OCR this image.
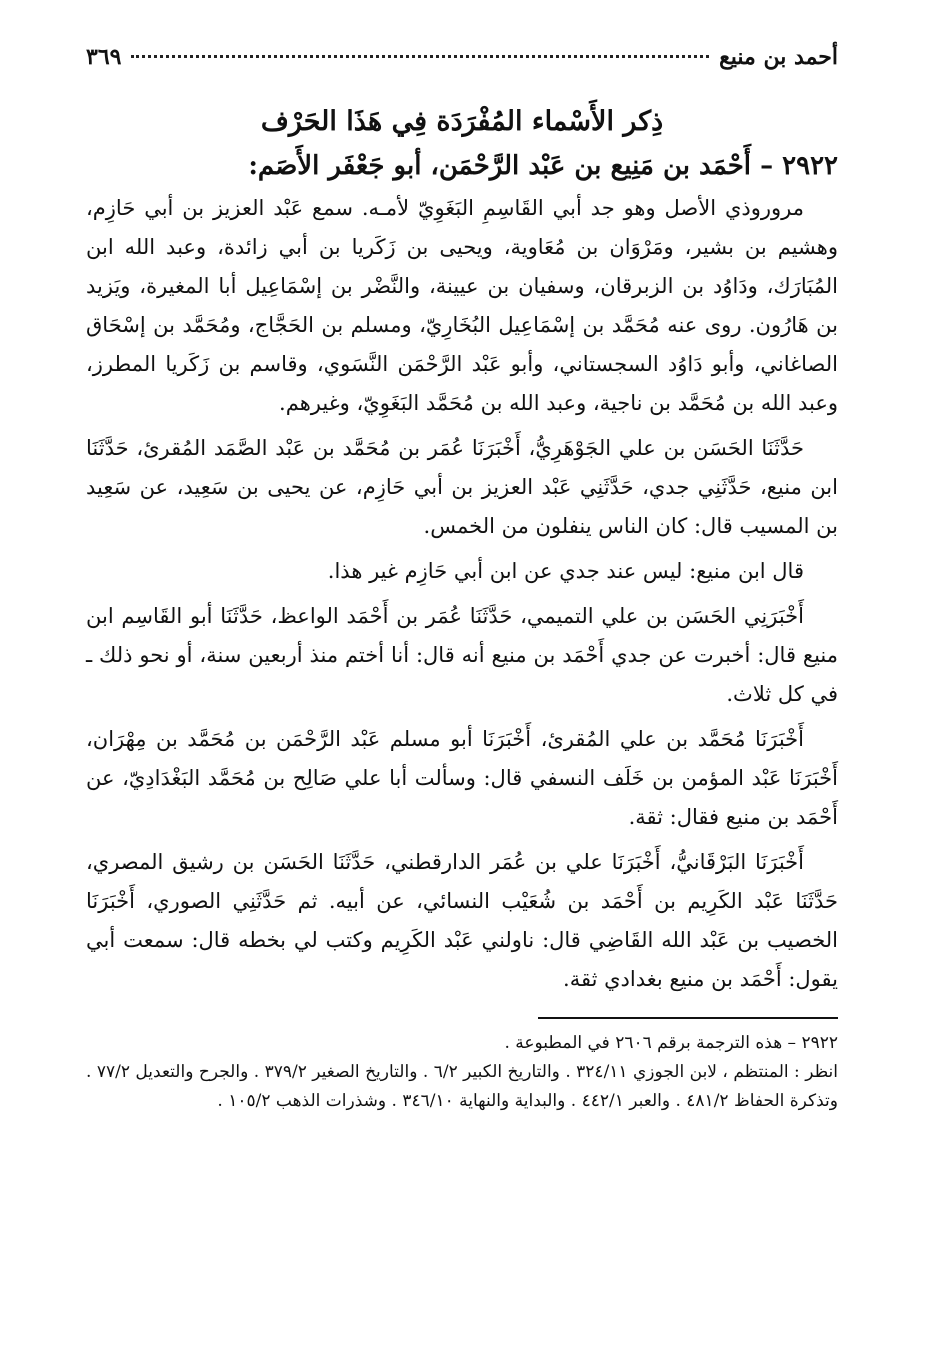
أحمد بن منيع
٣٦٩
ذِكر الأَسْماء المُفْرَدَة فِي هَذَا الحَرْف
٢٩٢٢ – أَحْمَد بن مَنِيع بن عَبْد الرَّحْمَن، أبو جَعْفَر الأَصَم:

مروروذي الأصل وهو جد أبي القَاسِمِ البَغَوِيّ لأمـه. سمع عَبْد العزيز بن أبي حَازِم، وهشيم بن بشير، ومَرْوَان بن مُعَاوية، ويحيى بن زَكَريا بن أبي زائدة، وعبد الله ابن المُبَارَك، ودَاوُد بن الزبرقان، وسفيان بن عيينة، والنَّضْر بن إسْمَاعِيل أبا المغيرة، ويَزيد بن هَارُون. روى عنه مُحَمَّد بن إسْمَاعِيل البُخَارِيّ، ومسلم بن الحَجَّاج، ومُحَمَّد بن إسْحَاق الصاغاني، وأبو دَاوُد السجستاني، وأبو عَبْد الرَّحْمَن النَّسَوي، وقاسم بن زَكَريا المطرز، وعبد الله بن مُحَمَّد بن ناجية، وعبد الله بن مُحَمَّد البَغَوِيّ، وغيرهم.

حَدَّثَنَا الحَسَن بن علي الجَوْهَرِيُّ، أَخْبَرَنَا عُمَر بن مُحَمَّد بن عَبْد الصَّمَد المُقرئ، حَدَّثَنَا ابن منيع، حَدَّثَنِي جدي، حَدَّثَنِي عَبْد العزيز بن أبي حَازِم، عن يحيى بن سَعِيد، عن سَعِيد بن المسيب قال: كان الناس ينفلون من الخمس.

قال ابن منيع: ليس عند جدي عن ابن أبي حَازِم غير هذا.

أَخْبَرَنِي الحَسَن بن علي التميمي، حَدَّثَنَا عُمَر بن أَحْمَد الواعظ، حَدَّثَنَا أبو القَاسِم ابن منيع قال: أخبرت عن جدي أَحْمَد بن منيع أنه قال: أنا أختم منذ أربعين سنة، أو نحو ذلك ـ في كل ثلاث.

أَخْبَرَنَا مُحَمَّد بن علي المُقرئ، أَخْبَرَنَا أبو مسلم عَبْد الرَّحْمَن بن مُحَمَّد بن مِهْرَان، أَخْبَرَنَا عَبْد المؤمن بن خَلَف النسفي قال: وسألت أبا علي صَالِح بن مُحَمَّد البَغْدَادِيّ، عن أَحْمَد بن منيع فقال: ثقة.

أَخْبَرَنَا البَرْقَانيُّ، أَخْبَرَنَا علي بن عُمَر الدارقطني، حَدَّثَنَا الحَسَن بن رشيق المصري، حَدَّثَنَا عَبْد الكَرِيم بن أَحْمَد بن شُعَيْب النسائي، عن أبيه. ثم حَدَّثَنِي الصوري، أَخْبَرَنَا الخصيب بن عَبْد الله القَاضِي قال: ناولني عَبْد الكَرِيم وكتب لي بخطه قال: سمعت أبي يقول: أَحْمَد بن منيع بغدادي ثقة.

٢٩٢٢ – هذه الترجمة برقم ٢٦٠٦ في المطبوعة .

انظر : المنتظم ، لابن الجوزي ٣٢٤/١١ . والتاريخ الكبير ٦/٢ . والتاريخ الصغير ٣٧٩/٢ . والجرح والتعديل ٧٧/٢ . وتذكرة الحفاظ ٤٨١/٢ . والعبر ٤٤٢/١ . والبداية والنهاية ٣٤٦/١٠ . وشذرات الذهب ١٠٥/٢ .
